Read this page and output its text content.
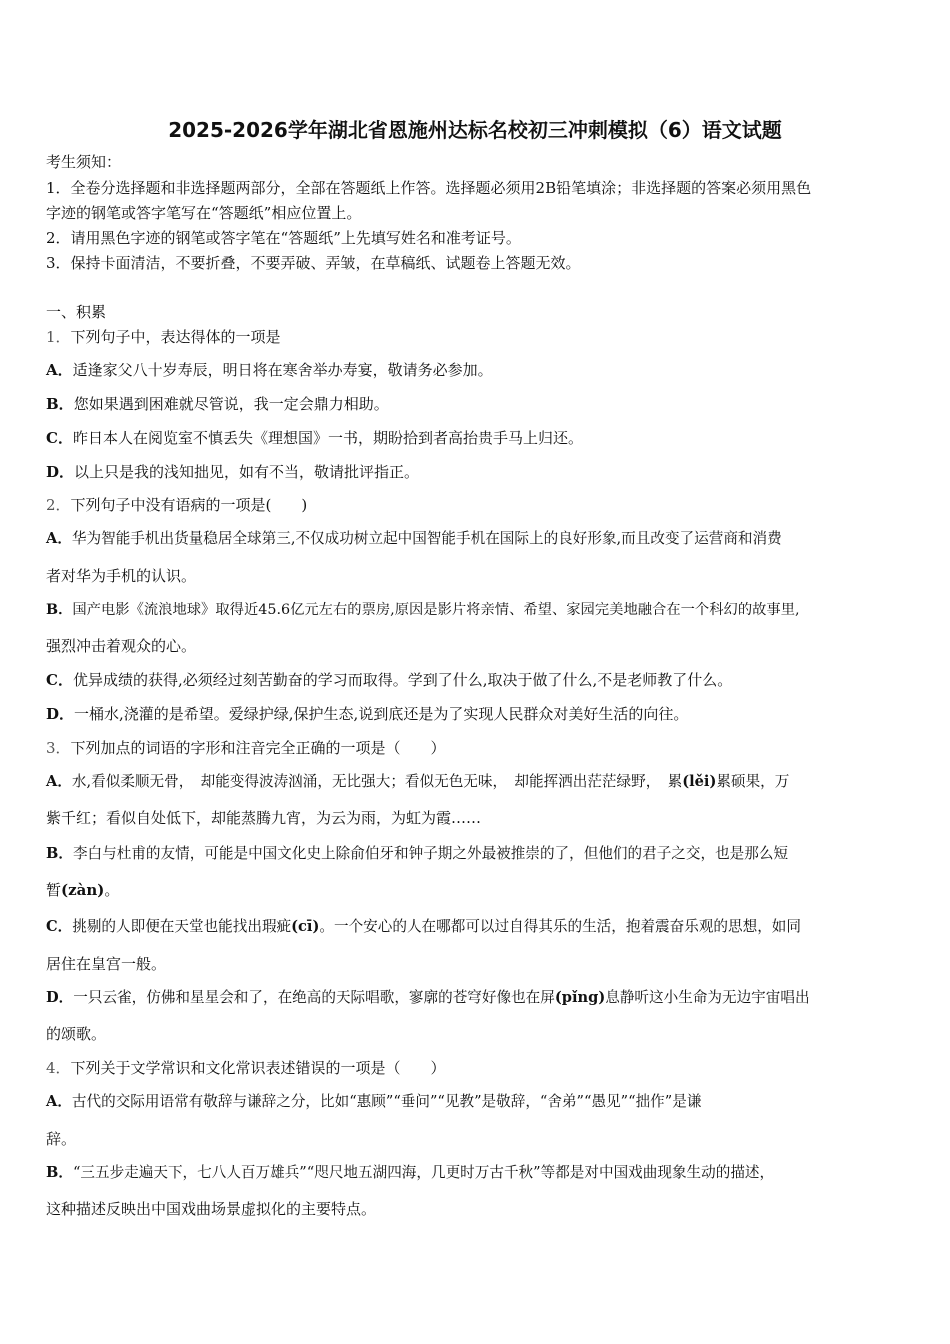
2025-2026学年湖北省恩施州达标名校初三冲刺模拟（6）语文试题
考生须知：
1．全卷分选择题和非选择题两部分，全部在答题纸上作答。选择题必须用2B铅笔填涂；非选择题的答案必须用黑色
字迹的钢笔或答字笔写在“答题纸”相应位置上。
2．请用黑色字迹的钢笔或答字笔在“答题纸”上先填写姓名和准考证号。
3．保持卡面清洁，不要折叠，不要弄破、弄皱，在草稿纸、试题卷上答题无效。
一、积累
1．下列句子中，表达得体的一项是
A．适逢家父八十岁寿辰，明日将在寒舍举办寿宴，敬请务必参加。
B．您如果遇到困难就尽管说，我一定会鼎力相助。
C．昨日本人在阅览室不慎丢失《理想国》一书，期盼拾到者高抬贵手马上归还。
D．以上只是我的浅知拙见，如有不当，敬请批评指正。
2．下列句子中没有语病的一项是(　　)
A．华为智能手机出货量稳居全球第三,不仅成功树立起中国智能手机在国际上的良好形象,而且改变了运营商和消费
者对华为手机的认识。
B．国产电影《流浪地球》取得近45.6亿元左右的票房,原因是影片将亲情、希望、家园完美地融合在一个科幻的故事里,
强烈冲击着观众的心。
C．优异成绩的获得,必须经过刻苦勤奋的学习而取得。学到了什么,取决于做了什么,不是老师教了什么。
D．一桶水,浇灌的是希望。爱绿护绿,保护生态,说到底还是为了实现人民群众对美好生活的向往。
3．下列加点的词语的字形和注音完全正确的一项是（　　）
A．水,看似柔顺无骨，　却能变得波涛汹涌，无比强大；看似无色无味，　却能挥洒出茫茫绿野，　累(lěi)累硕果，万
紫千红；看似自处低下，却能蒸腾九宵，为云为雨，为虹为霞……
B．李白与杜甫的友情，可能是中国文化史上除俞伯牙和钟子期之外最被推崇的了，但他们的君子之交，也是那么短
暂(zàn)。
C．挑剔的人即便在天堂也能找出瑕疵(cī)。一个安心的人在哪都可以过自得其乐的生活，抱着震奋乐观的思想，如同
居住在皇宫一般。
D．一只云雀，仿佛和星星会和了，在绝高的天际唱歌，寥廓的苍穹好像也在屏(pǐng)息静听这小生命为无边宇宙唱出
的颂歌。
4．下列关于文学常识和文化常识表述错误的一项是（　　）
A．古代的交际用语常有敬辞与谦辞之分，比如“惠顾”“垂问”“见教”是敬辞，“舍弟”“愚见”“拙作”是谦
辞。
B．“三五步走遍天下，七八人百万雄兵”“咫尺地五湖四海，几更时万古千秋”等都是对中国戏曲现象生动的描述，
这种描述反映出中国戏曲场景虚拟化的主要特点。
